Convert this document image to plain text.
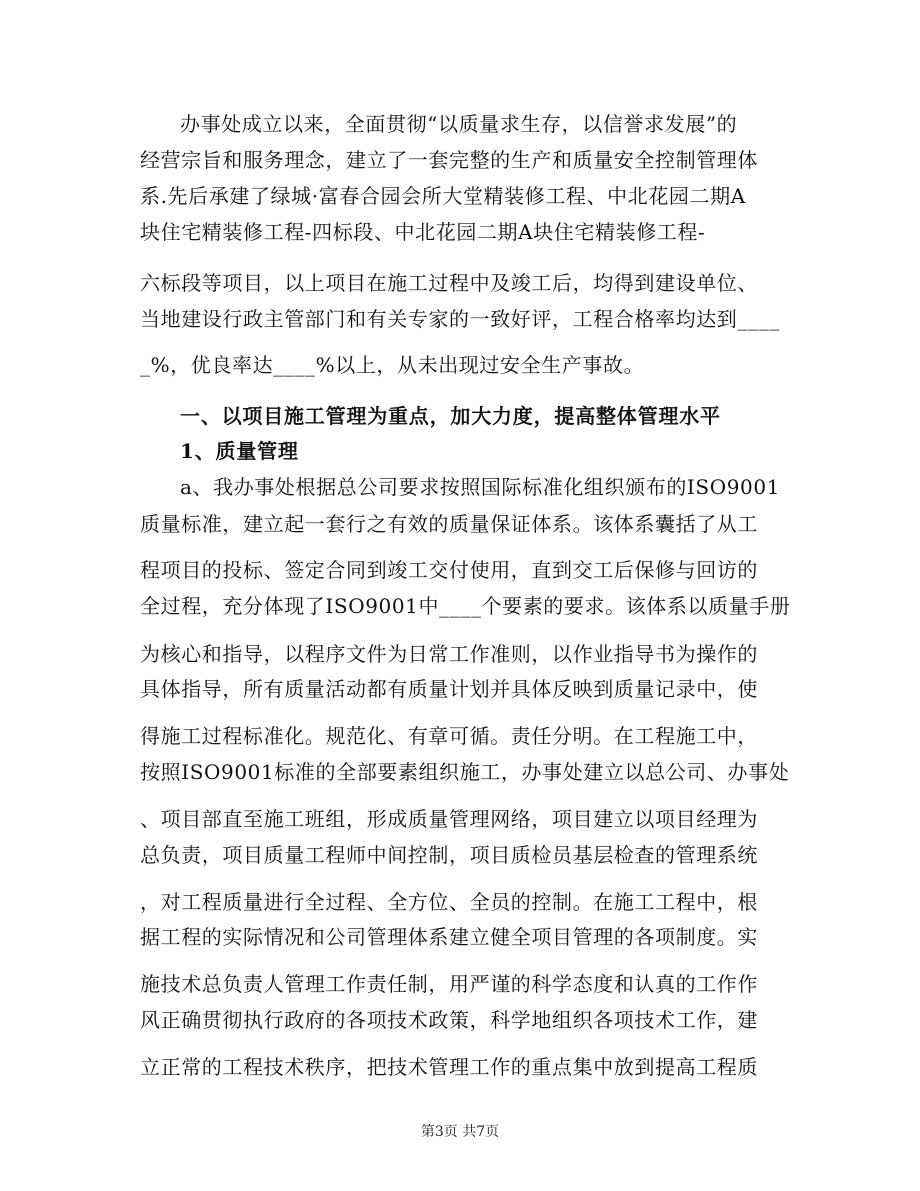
办事处成立以来，全面贯彻“以质量求生存，以信誉求发展”的
经营宗旨和服务理念，建立了一套完整的生产和质量安全控制管理体
系.先后承建了绿城·富春合园会所大堂精装修工程、中北花园二期A
块住宅精装修工程-四标段、中北花园二期A块住宅精装修工程-
六标段等项目，以上项目在施工过程中及竣工后，均得到建设单位、
当地建设行政主管部门和有关专家的一致好评，工程合格率均达到____
_%，优良率达____%以上，从未出现过安全生产事故。
一、以项目施工管理为重点，加大力度，提高整体管理水平
1、质量管理
a、我办事处根据总公司要求按照国际标准化组织颁布的ISO9001
质量标准，建立起一套行之有效的质量保证体系。该体系囊括了从工
程项目的投标、签定合同到竣工交付使用，直到交工后保修与回访的
全过程，充分体现了ISO9001中____个要素的要求。该体系以质量手册
为核心和指导，以程序文件为日常工作准则，以作业指导书为操作的
具体指导，所有质量活动都有质量计划并具体反映到质量记录中，使
得施工过程标准化。规范化、有章可循。责任分明。在工程施工中，
按照ISO9001标准的全部要素组织施工，办事处建立以总公司、办事处
、项目部直至施工班组，形成质量管理网络，项目建立以项目经理为
总负责，项目质量工程师中间控制，项目质检员基层检查的管理系统
，对工程质量进行全过程、全方位、全员的控制。在施工工程中，根
据工程的实际情况和公司管理体系建立健全项目管理的各项制度。实
施技术总负责人管理工作责任制，用严谨的科学态度和认真的工作作
风正确贯彻执行政府的各项技术政策，科学地组织各项技术工作，建
立正常的工程技术秩序，把技术管理工作的重点集中放到提高工程质
第3页 共7页
